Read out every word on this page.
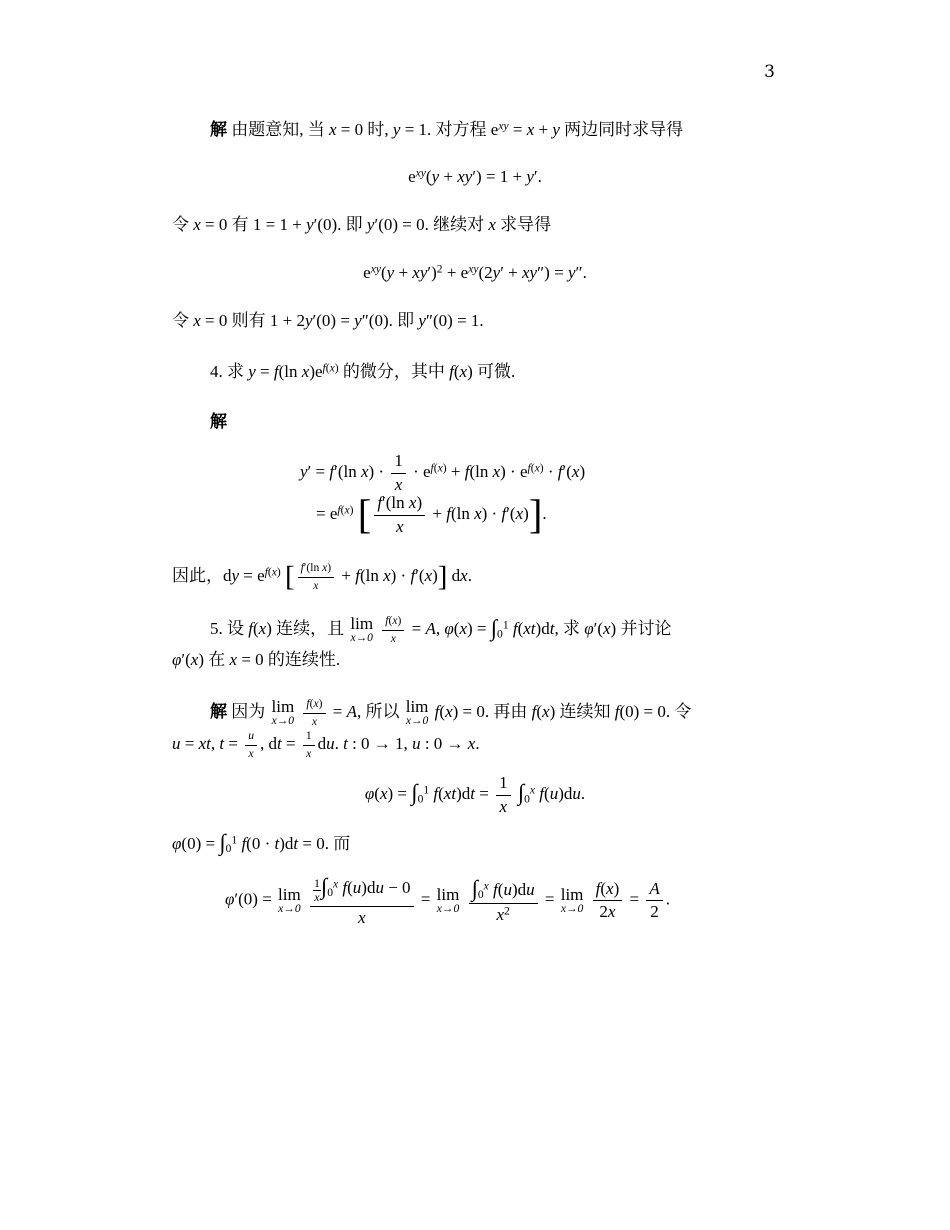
3
解 由题意知, 当 x = 0 时, y = 1. 对方程 $e^{xy} = x + y$ 两边同时求导得
$e^{xy}(y + xy') = 1 + y'$.
令 x = 0 有 1 = 1 + y′(0). 即 y′(0) = 0. 继续对 x 求导得
$e^{xy}(y + xy')^2 + e^{xy}(2y' + xy'') = y''$.
令 x = 0 则有 1 + 2y′(0) = y″(0). 即 y″(0) = 1.
4. 求 y = f(ln $x)e^{f(x)}$ 的微分，其中 f(x) 可微.
解
y′ = f′(ln $x) \cdot \frac{1}{x} \cdot e^{f(x)} + f(\ln$ $x) \cdot e^{f(x)} \cdot f'(x)$
= $e^{f(x)}$ [ $\frac{\text{f′(ln x)}}{x} + f(\ln$ x) · f′(x)].
因此，dy = $e^{f(x)}$ [ $\frac{\text{f′(ln x)}}{x} + f(\ln$ x) · f′(x)] dx.
5. 设 f(x) 连续，且 lim
x→0
$\frac{f(x)}{x} = A$, $\varphi(x) = \int_0^1$ f(xt)dt, 求 φ′(x) 并讨论
φ′(x) 在 x = 0 的连续性.
解 因为 lim
x→0
$\frac{f(x)}{x} = A$, 所以 lim
x→0 f(x) = 0. 再由 f(x) 连续知 f(0) = 0. 令
u = xt, $t = \frac{u}{x}$ , dt = $\frac{1}{x}$ du. t : 0 → 1, u : 0 → x.
$\varphi(x) = \int_0^1$ $f(xt)dt = \frac{1}{x} \int_0^x$ f(u)du.
$\varphi(0) = \int_0^1$ f(0 · t)dt = 0. 而
φ′(0) = lim
x→0
$\frac{\frac{1}{x} \int_0^x f(u)du - 0}{x} = \lim$
x→0
$\frac{\int_0^x f(u)du}{x^2} = \lim$
x→0
$\frac{f(x)}{2x} = \frac{A}{2}$ .
